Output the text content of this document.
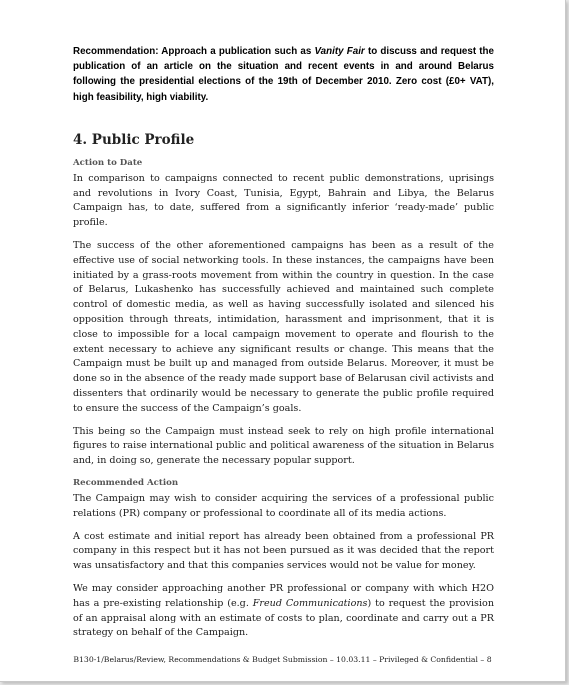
Recommendation: Approach a publication such as Vanity Fair to discuss and request the publication of an article on the situation and recent events in and around Belarus following the presidential elections of the 19th of December 2010. Zero cost (£0+ VAT), high feasibility, high viability.

4. Public Profile
Action to Date

In comparison to campaigns connected to recent public demonstrations, uprisings and revolutions in Ivory Coast, Tunisia, Egypt, Bahrain and Libya, the Belarus Campaign has, to date, suffered from a significantly inferior ‘ready-made’ public profile.

The success of the other aforementioned campaigns has been as a result of the effective use of social networking tools. In these instances, the campaigns have been initiated by a grass-roots movement from within the country in question. In the case of Belarus, Lukashenko has successfully achieved and maintained such complete control of domestic media, as well as having successfully isolated and silenced his opposition through threats, intimidation, harassment and imprisonment, that it is close to impossible for a local campaign movement to operate and flourish to the extent necessary to achieve any significant results or change. This means that the Campaign must be built up and managed from outside Belarus. Moreover, it must be done so in the absence of the ready made support base of Belarusan civil activists and dissenters that ordinarily would be necessary to generate the public profile required to ensure the success of the Campaign’s goals.

This being so the Campaign must instead seek to rely on high profile international figures to raise international public and political awareness of the situation in Belarus and, in doing so, generate the necessary popular support.

Recommended Action

The Campaign may wish to consider acquiring the services of a professional public relations (PR) company or professional to coordinate all of its media actions.

A cost estimate and initial report has already been obtained from a professional PR company in this respect but it has not been pursued as it was decided that the report was unsatisfactory and that this companies services would not be value for money.

We may consider approaching another PR professional or company with which H2O has a pre-existing relationship (e.g. Freud Communications) to request the provision of an appraisal along with an estimate of costs to plan, coordinate and carry out a PR strategy on behalf of the Campaign.

B130-1/Belarus/Review, Recommendations & Budget Submission – 10.03.11 – Privileged & Confidential – 8
